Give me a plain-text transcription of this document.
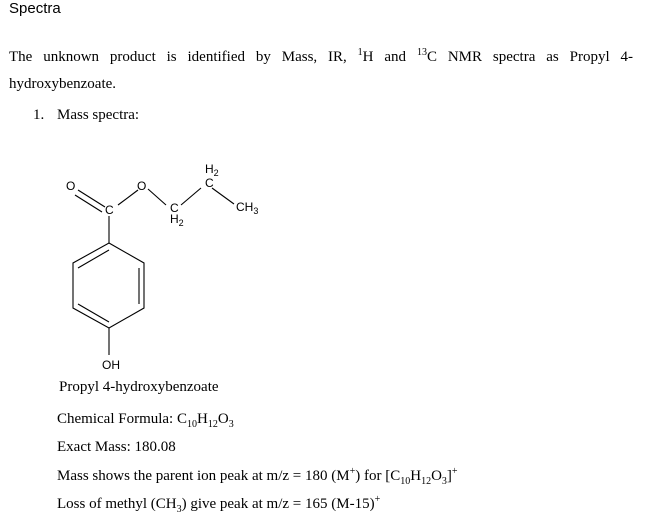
Spectra
The unknown product is identified by Mass, IR, $^1$H and $^{13}$C NMR spectra as Propyl 4-hydroxybenzoate.
1. Mass spectra:
O
C
O
C
$H_2$
$H_2$
C
$CH_3$
OH
Propyl 4-hydroxybenzoate
Chemical Formula: $C_{10}H_{12}O_3$
Exact Mass: 180.08
Mass shows the parent ion peak at m/z = 180 (M+) for $[C_{10}H_{12}O_3]^+$
Loss of methyl $(CH_3)$ give peak at m/z = 165 (M-15)+
